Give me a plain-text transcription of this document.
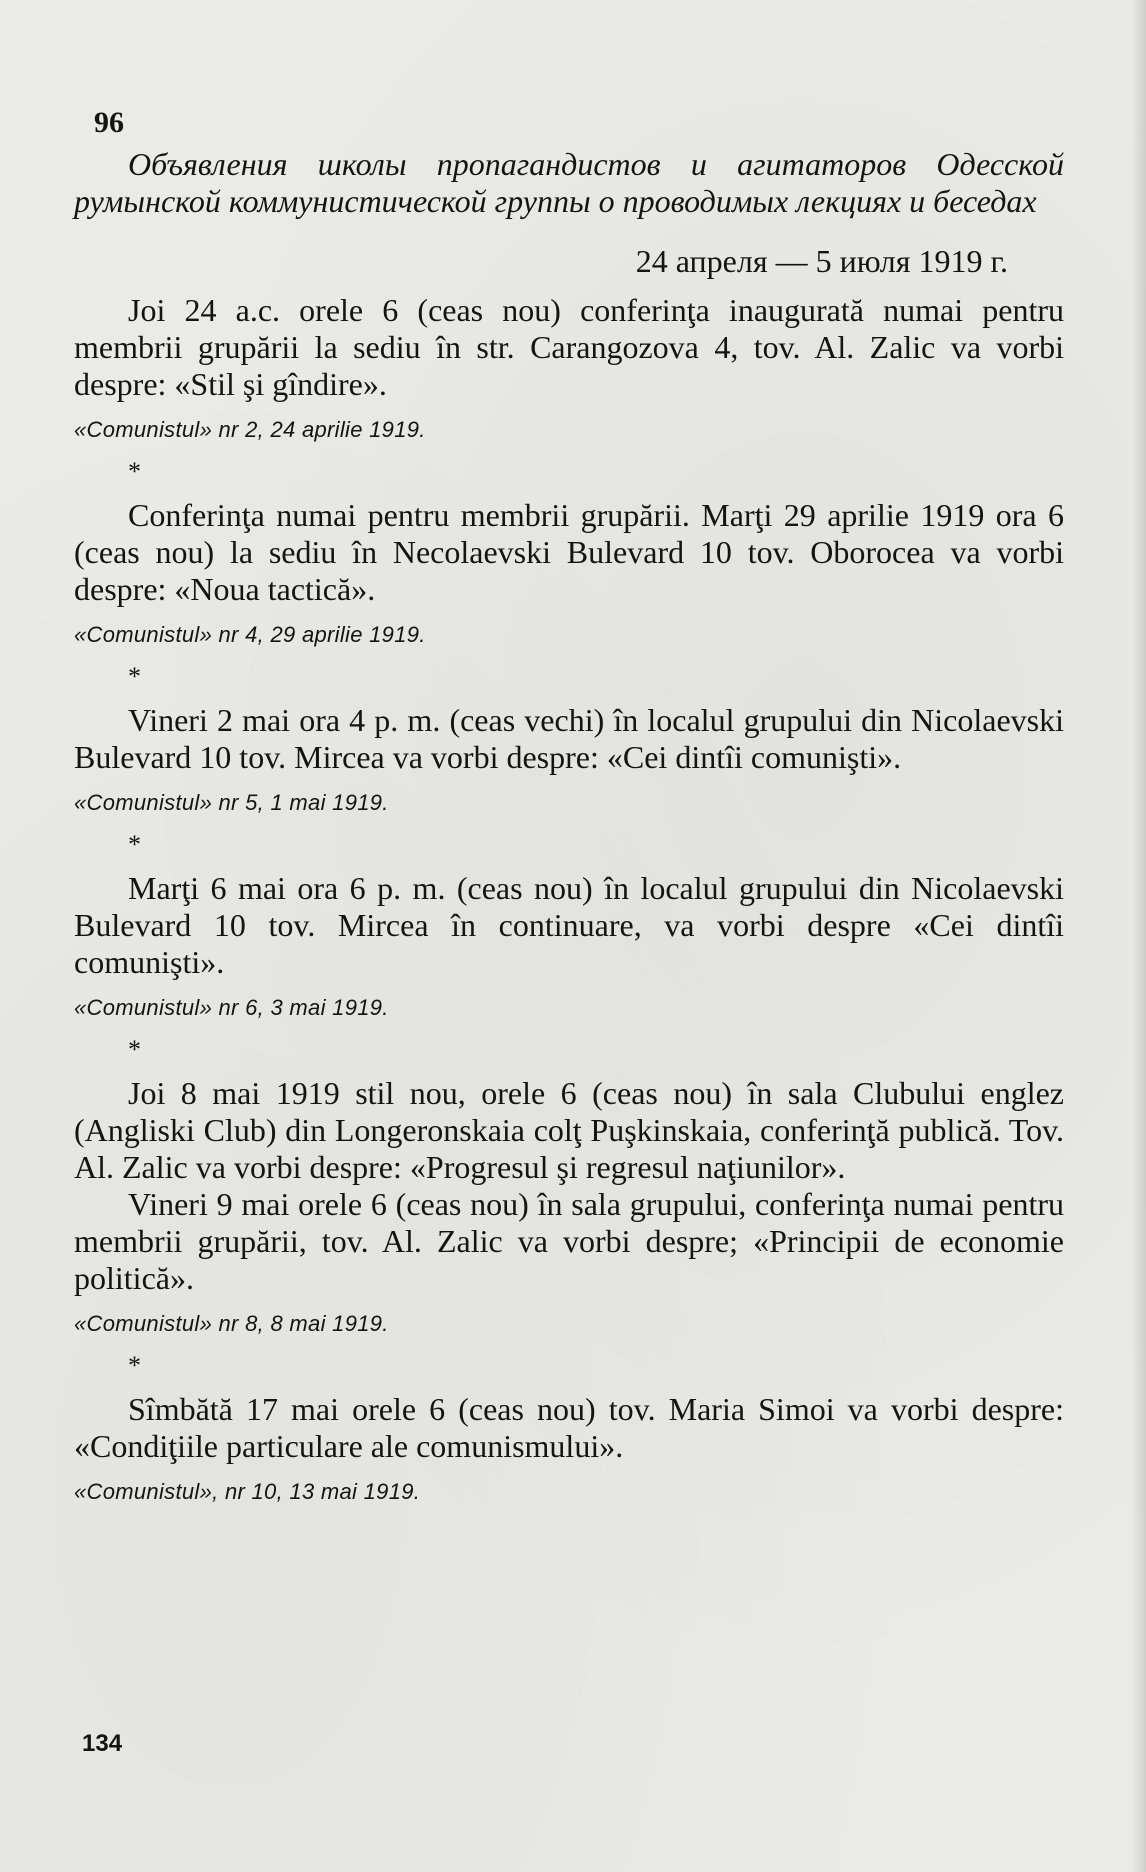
96

Объявления школы пропагандистов и агитаторов Одесской румынской коммунистической группы о проводимых лекциях и беседах

24 апреля — 5 июля 1919 г.

Joi 24 a.c. orele 6 (ceas nou) conferinţa inaugurată numai pentru membrii grupării la sediu în str. Carangozova 4, tov. Al. Zalic va vorbi despre: «Stil şi gîndire».

«Comunistul» nr 2, 24 aprilie 1919.
*

Conferinţa numai pentru membrii grupării. Marţi 29 aprilie 1919 ora 6 (ceas nou) la sediu în Necolaevski Bulevard 10 tov. Oborocea va vorbi despre: «Noua tactică».

«Comunistul» nr 4, 29 aprilie 1919.
*

Vineri 2 mai ora 4 p. m. (ceas vechi) în localul grupului din Nicolaevski Bulevard 10 tov. Mircea va vorbi despre: «Cei dintîi comunişti».

«Comunistul» nr 5, 1 mai 1919.
*

Marţi 6 mai ora 6 p. m. (ceas nou) în localul grupului din Nicolaevski Bulevard 10 tov. Mircea în continuare, va vorbi despre «Cei dintîi comunişti».

«Comunistul» nr 6, 3 mai 1919.
*

Joi 8 mai 1919 stil nou, orele 6 (ceas nou) în sala Clubului englez (Angliski Club) din Longeronskaia colţ Puşkinskaia, conferinţă publică. Tov. Al. Zalic va vorbi despre: «Progresul şi regresul naţiunilor».

Vineri 9 mai orele 6 (ceas nou) în sala grupului, conferinţa numai pentru membrii grupării, tov. Al. Zalic va vorbi despre; «Principii de economie politică».

«Comunistul» nr 8, 8 mai 1919.
*

Sîmbătă 17 mai orele 6 (ceas nou) tov. Maria Simoi va vorbi despre: «Condiţiile particulare ale comunismului».

«Comunistul», nr 10, 13 mai 1919.
134
